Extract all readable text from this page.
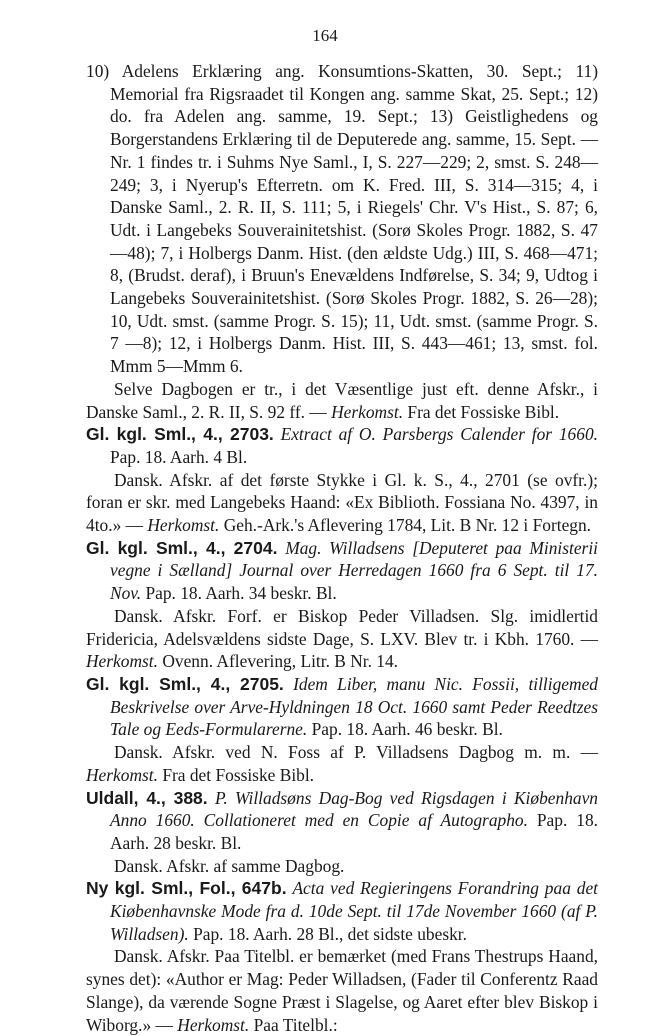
164

10) Adelens Erklæring ang. Konsumtions-Skatten, 30. Sept.; 11) Memorial fra Rigsraadet til Kongen ang. samme Skat, 25. Sept.; 12) do. fra Adelen ang. samme, 19. Sept.; 13) Geistlighedens og Borgerstandens Erklæring til de Deputerede ang. samme, 15. Sept. — Nr. 1 findes tr. i Suhms Nye Saml., I, S. 227—229; 2, smst. S. 248—249; 3, i Nyerup's Efterretn. om K. Fred. III, S. 314—315; 4, i Danske Saml., 2. R. II, S. 111; 5, i Riegels' Chr. V's Hist., S. 87; 6, Udt. i Langebeks Souverainitetshist. (Sorø Skoles Progr. 1882, S. 47—48); 7, i Holbergs Danm. Hist. (den ældste Udg.) III, S. 468—471; 8, (Brudst. deraf), i Bruun's Enevældens Indførelse, S. 34; 9, Udtog i Langebeks Souverainitetshist. (Sorø Skoles Progr. 1882, S. 26—28); 10, Udt. smst. (samme Progr. S. 15); 11, Udt. smst. (samme Progr. S. 7 —8); 12, i Holbergs Danm. Hist. III, S. 443—461; 13, smst. fol. Mmm 5—Mmm 6.

Selve Dagbogen er tr., i det Væsentlige just eft. denne Afskr., i Danske Saml., 2. R. II, S. 92 ff. — Herkomst. Fra det Fossiske Bibl.

Gl. kgl. Sml., 4., 2703. Extract af O. Parsbergs Calender for 1660. Pap. 18. Aarh. 4 Bl.

Dansk. Afskr. af det første Stykke i Gl. k. S., 4., 2701 (se ovfr.); foran er skr. med Langebeks Haand: «Ex Biblioth. Fossiana No. 4397, in 4to.» — Herkomst. Geh.-Ark.'s Aflevering 1784, Lit. B Nr. 12 i Fortegn.

Gl. kgl. Sml., 4., 2704. Mag. Willadsens [Deputeret paa Ministerii vegne i Sælland] Journal over Herredagen 1660 fra 6 Sept. til 17. Nov. Pap. 18. Aarh. 34 beskr. Bl.

Dansk. Afskr. Forf. er Biskop Peder Villadsen. Slg. imidlertid Fridericia, Adelsvældens sidste Dage, S. LXV. Blev tr. i Kbh. 1760. — Herkomst. Ovenn. Aflevering, Litr. B Nr. 14.

Gl. kgl. Sml., 4., 2705. Idem Liber, manu Nic. Fossii, tilligemed Beskrivelse over Arve-Hyldningen 18 Oct. 1660 samt Peder Reedtzes Tale og Eeds-Formularerne. Pap. 18. Aarh. 46 beskr. Bl.

Dansk. Afskr. ved N. Foss af P. Villadsens Dagbog m. m. — Herkomst. Fra det Fossiske Bibl.

Uldall, 4., 388. P. Willadsøns Dag-Bog ved Rigsdagen i Kiøbenhavn Anno 1660. Collationeret med en Copie af Autographo. Pap. 18. Aarh. 28 beskr. Bl.

Dansk. Afskr. af samme Dagbog.

Ny kgl. Sml., Fol., 647b. Acta ved Regieringens Forandring paa det Kiøbenhavnske Mode fra d. 10de Sept. til 17de November 1660 (af P. Willadsen). Pap. 18. Aarh. 28 Bl., det sidste ubeskr.

Dansk. Afskr. Paa Titelbl. er bemærket (med Frans Thestrups Haand, synes det): «Author er Mag: Peder Willadsen, (Fader til Conferentz Raad Slange), da værende Sogne Præst i Slagelse, og Aaret efter blev Biskop i Wiborg.» — Herkomst. Paa Titelbl.:
